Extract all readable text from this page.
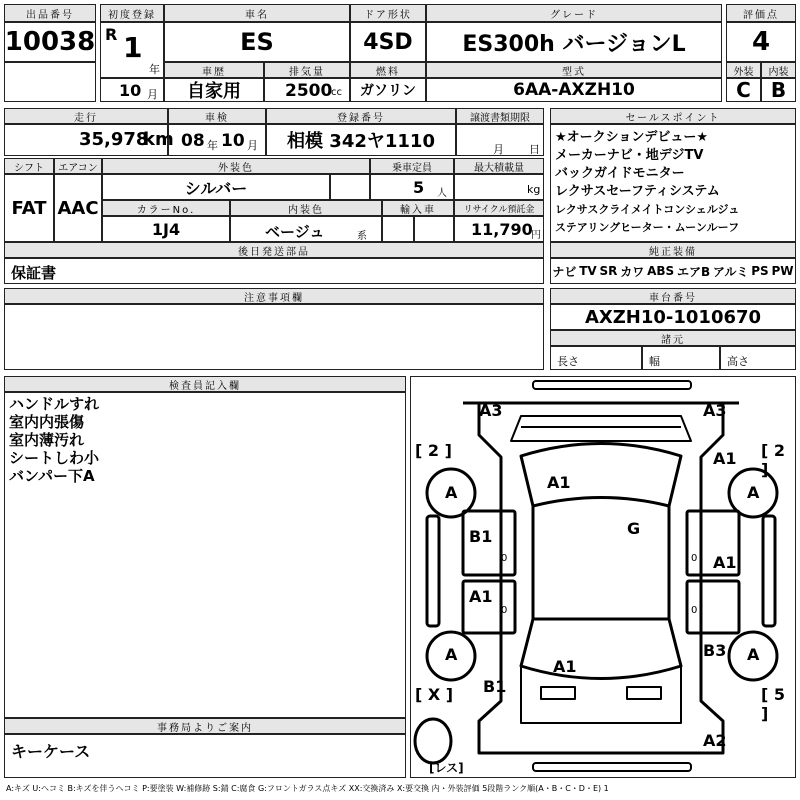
出品番号
10038
初度登録
R 1
年
10 月
車名
ES
ドア形状
4SD
グレード
ES300h バージョンL
評価点
4
車歴
自家用
排気量
2500
cc
燃料
ガソリン
型式
6AA-AXZH10
外装	内装
C	B
走行
35,978
km
車検
08 年 10 月
登録番号
相模 342ヤ1110
譲渡書類期限
月 日
セールスポイント
★オークションデビュー★
メーカーナビ・地デジTV
バックガイドモニター
レクサスセーフティシステム
レクサスクライメイトコンシェルジュ
ステアリングヒーター・ムーンルーフ
シフト
FAT
エアコン
AAC
外装色
シルバー
乗車定員
5 人
最大積載量
kg
カラーNo.
1J4
内装色
ベージュ	系
輸入車	リサイクル預託金
11,790
円
後日発送部品
保証書
純正装備
ナビ TV SR カワ ABS エアB アルミ PS PW
注意事項欄	車台番号
AXZH10-1010670
諸元
長さ	幅	高さ
検査員記入欄
ハンドルすれ
室内内張傷
室内薄汚れ
シートしわ小
バンパー下A
事務局よりご案内
キーケース
[ 2 ]	[ 2 ]
[ X ]	[ 5 ]
[レス]
A3	A3
A1
A1
A	A
G
B1
A1
A1
A	A
B3
A1
B1
A2
0
0
0
0
A:キズ U:ヘコミ B:キズを伴うヘコミ P:要塗装 W:補修跡 S:錆 C:腐食 G:フロントガラス点キズ XX:交換済み X:要交換 内・外装評価 5段階ランク順(A・B・C・D・E) 1
